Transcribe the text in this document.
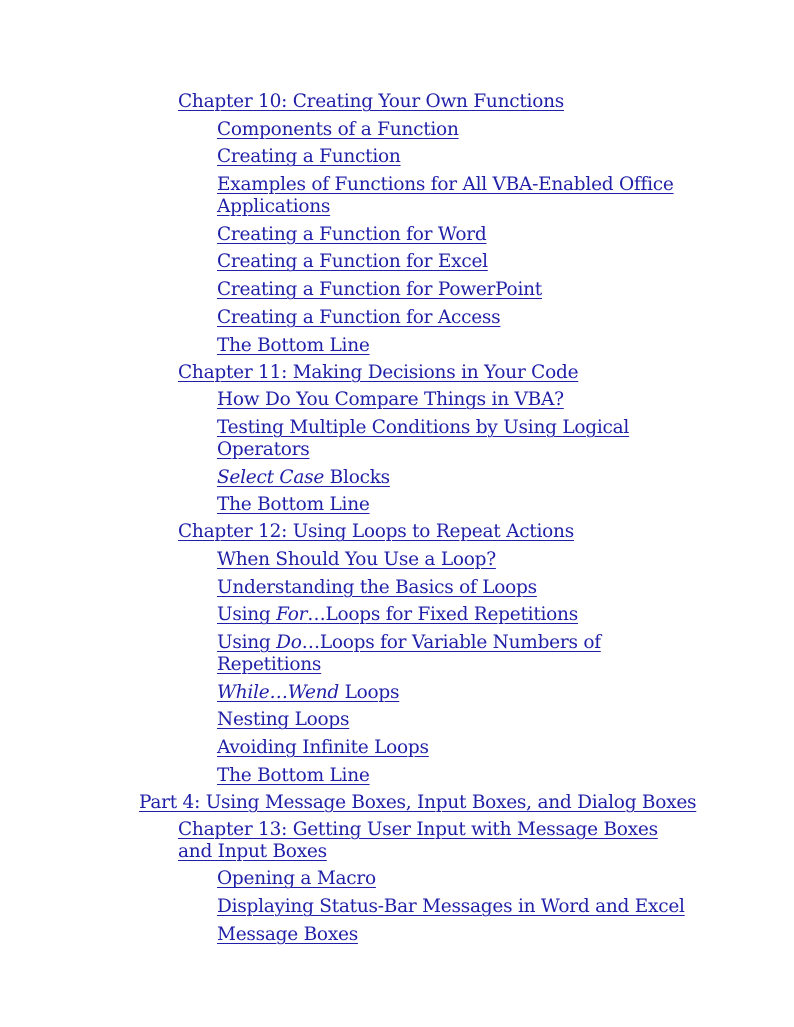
Chapter 10: Creating Your Own Functions
Components of a Function
Creating a Function
Examples of Functions for All VBA-Enabled Office Applications
Creating a Function for Word
Creating a Function for Excel
Creating a Function for PowerPoint
Creating a Function for Access
The Bottom Line
Chapter 11: Making Decisions in Your Code
How Do You Compare Things in VBA?
Testing Multiple Conditions by Using Logical Operators
Select Case Blocks
The Bottom Line
Chapter 12: Using Loops to Repeat Actions
When Should You Use a Loop?
Understanding the Basics of Loops
Using For…Loops for Fixed Repetitions
Using Do…Loops for Variable Numbers of Repetitions
While…Wend Loops
Nesting Loops
Avoiding Infinite Loops
The Bottom Line
Part 4: Using Message Boxes, Input Boxes, and Dialog Boxes
Chapter 13: Getting User Input with Message Boxes and Input Boxes
Opening a Macro
Displaying Status-Bar Messages in Word and Excel
Message Boxes
